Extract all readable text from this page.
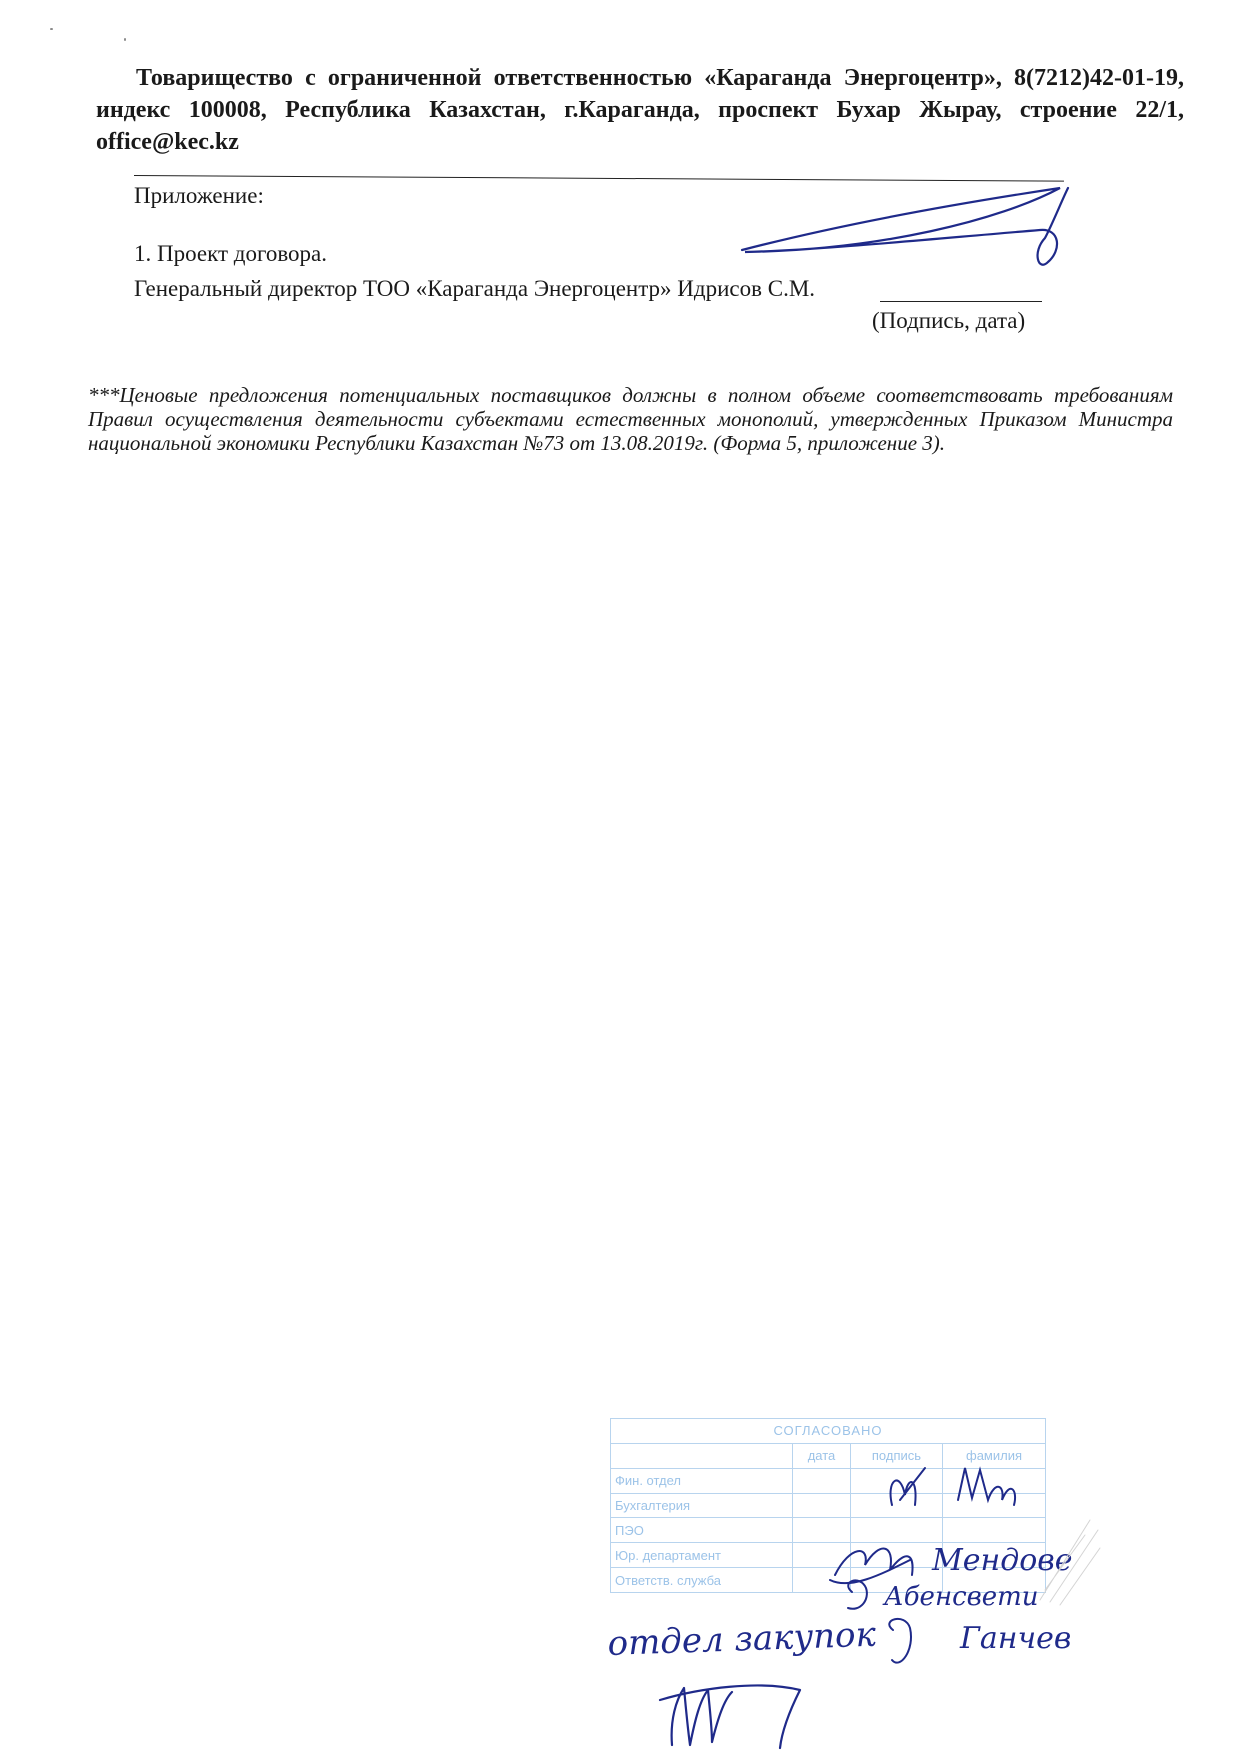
Товарищество с ограниченной ответственностью «Караганда Энергоцентр», 8(7212)42-01-19, индекс 100008, Республика Казахстан, г.Караганда, проспект Бухар Жырау, строение 22/1, office@kec.kz
Приложение:
1. Проект договора.
Генеральный директор ТОО «Караганда Энергоцентр» Идрисов С.М.
(Подпись, дата)
***Ценовые предложения потенциальных поставщиков должны в полном объеме соответствовать требованиям Правил осуществления деятельности субъектами естественных монополий, утвержденных Приказом Министра национальной экономики Республики Казахстан №73 от 13.08.2019г. (Форма 5, приложение 3).
СОГЛАСОВАНО			
	дата	подпись	фамилия
Фин. отдел			
Бухгалтерия			
ПЭО			
Юр. департамент			
Ответств. служба			
Мендове
Абенсвети
отдел закупок	Ганчев
